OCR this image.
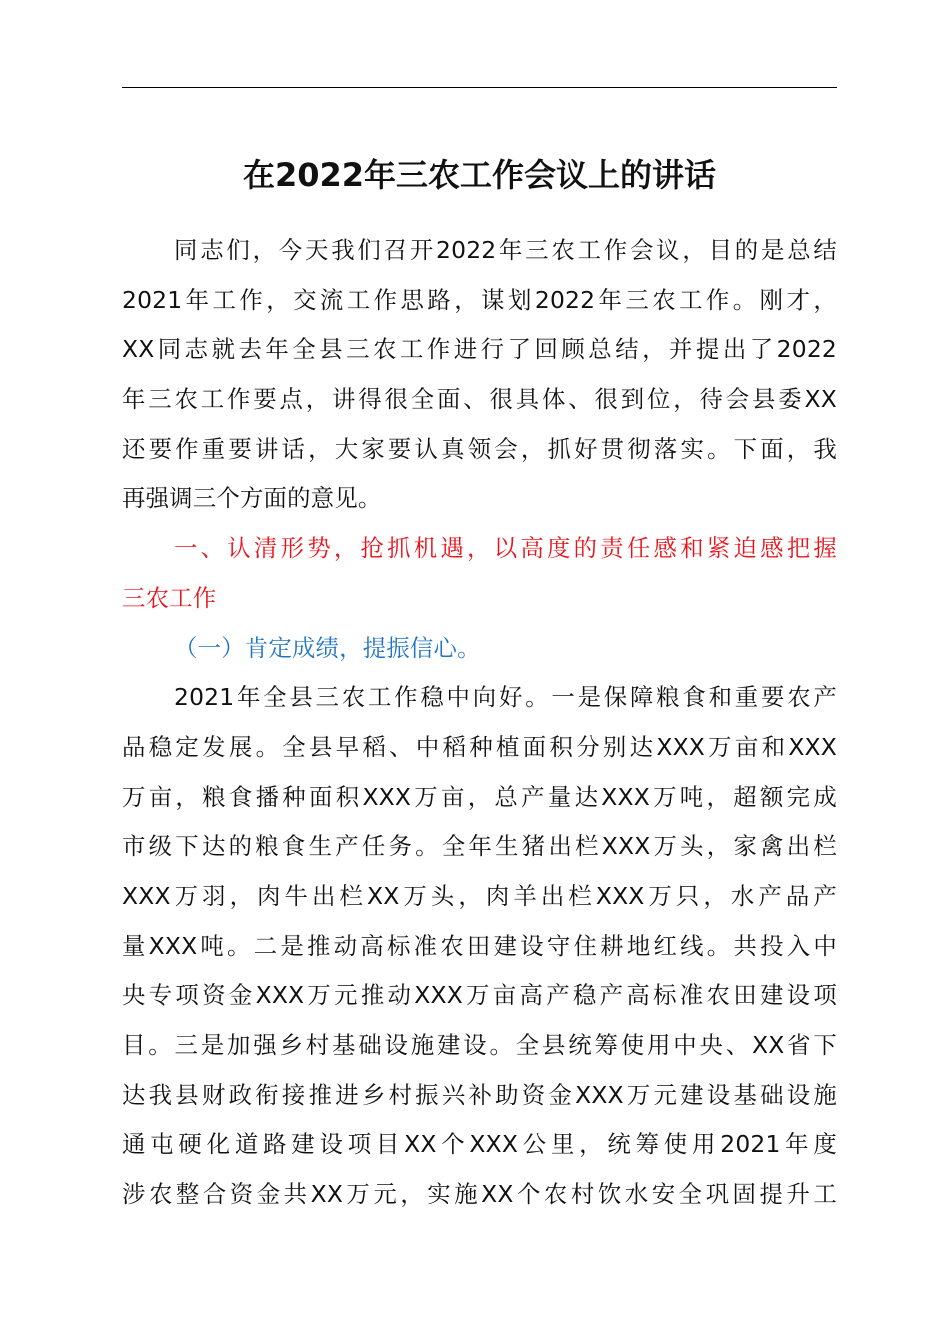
在2022年三农工作会议上的讲话
同志们，今天我们召开2022年三农工作会议，目的是总结
2021年工作，交流工作思路，谋划2022年三农工作。刚才，
XX同志就去年全县三农工作进行了回顾总结，并提出了2022
年三农工作要点，讲得很全面、很具体、很到位，待会县委XX
还要作重要讲话，大家要认真领会，抓好贯彻落实。下面，我
再强调三个方面的意见。
一、认清形势，抢抓机遇，以高度的责任感和紧迫感把握
三农工作
（一）肯定成绩，提振信心。
2021年全县三农工作稳中向好。一是保障粮食和重要农产
品稳定发展。全县早稻、中稻种植面积分别达XXX万亩和XXX
万亩，粮食播种面积XXX万亩，总产量达XXX万吨，超额完成
市级下达的粮食生产任务。全年生猪出栏XXX万头，家禽出栏
XXX万羽，肉牛出栏XX万头，肉羊出栏XXX万只，水产品产
量XXX吨。二是推动高标准农田建设守住耕地红线。共投入中
央专项资金XXX万元推动XXX万亩高产稳产高标准农田建设项
目。三是加强乡村基础设施建设。全县统筹使用中央、XX省下
达我县财政衔接推进乡村振兴补助资金XXX万元建设基础设施
通屯硬化道路建设项目XX个XXX公里，统筹使用2021年度
涉农整合资金共XX万元，实施XX个农村饮水安全巩固提升工
